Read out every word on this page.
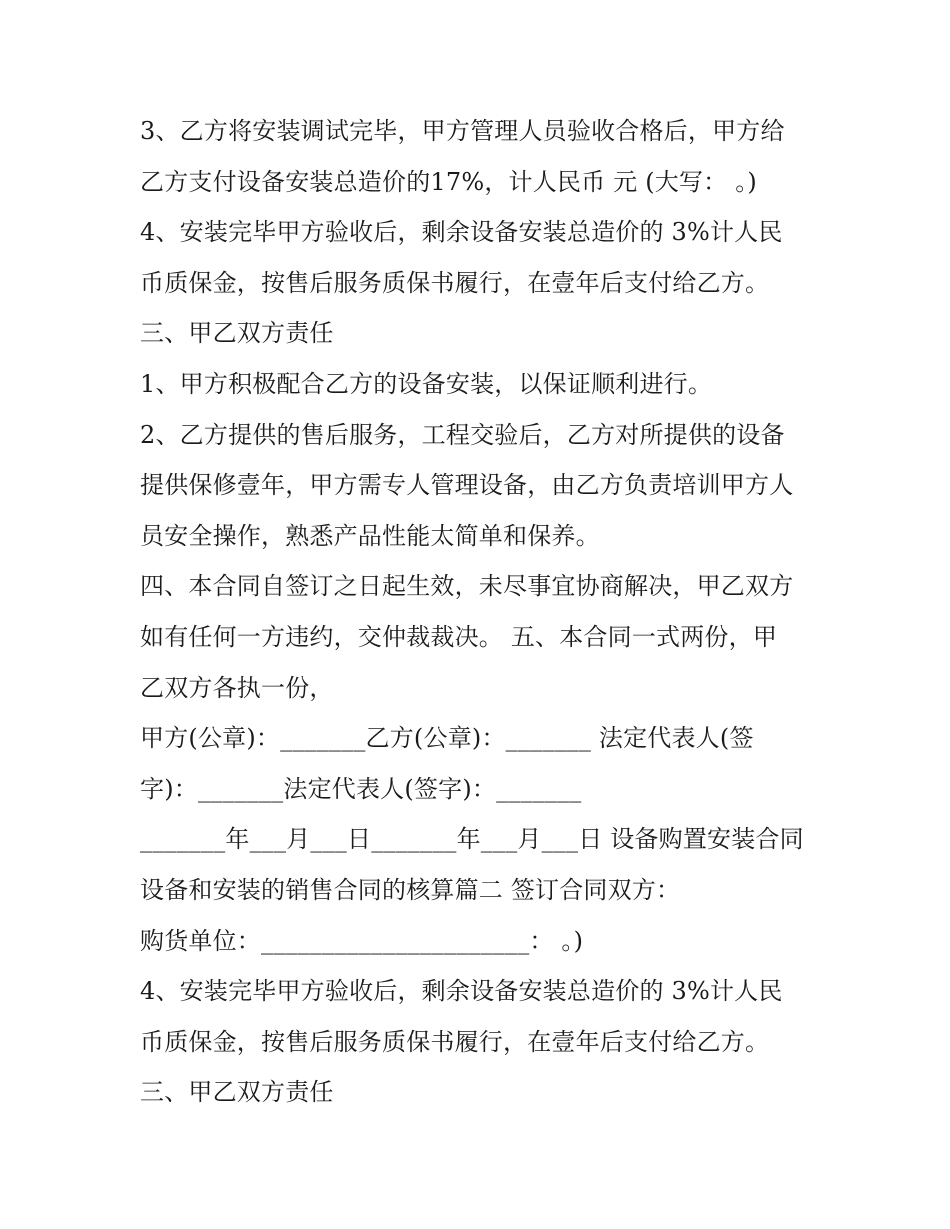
3、乙方将安装调试完毕，甲方管理人员验收合格后，甲方给
乙方支付设备安装总造价的17%，计人民币 元 (大写： 。)
4、安装完毕甲方验收后，剩余设备安装总造价的 3%计人民
币质保金，按售后服务质保书履行，在壹年后支付给乙方。
三、甲乙双方责任
1、甲方积极配合乙方的设备安装，以保证顺利进行。
2、乙方提供的售后服务，工程交验后，乙方对所提供的设备
提供保修壹年，甲方需专人管理设备，由乙方负责培训甲方人
员安全操作，熟悉产品性能太简单和保养。
四、本合同自签订之日起生效，未尽事宜协商解决，甲乙双方
如有任何一方违约，交仲裁裁决。 五、本合同一式两份，甲
乙双方各执一份，
甲方(公章)：_______乙方(公章)：_______ 法定代表人(签
字)：_______法定代表人(签字)：_______
_______年___月___日_______年___月___日 设备购置安装合同
设备和安装的销售合同的核算篇二 签订合同双方：
购货单位：______________________： 。)
4、安装完毕甲方验收后，剩余设备安装总造价的 3%计人民
币质保金，按售后服务质保书履行，在壹年后支付给乙方。
三、甲乙双方责任
